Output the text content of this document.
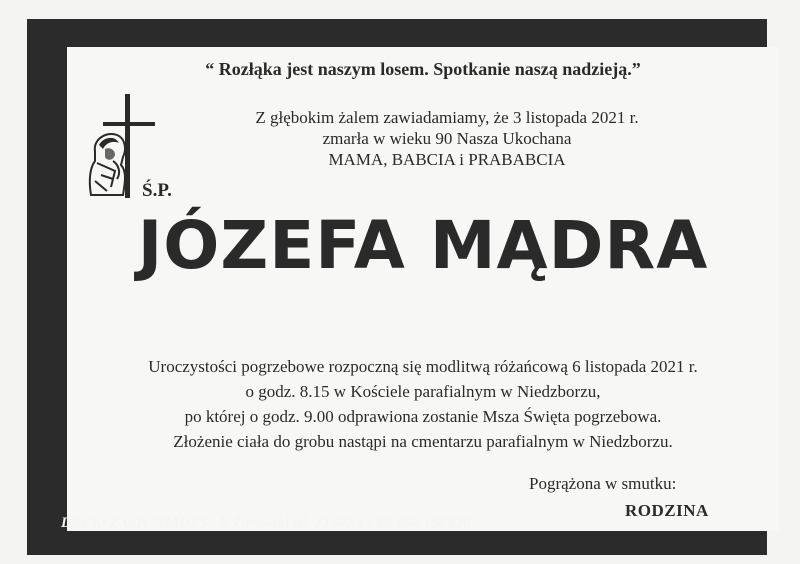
“ Rozłąka jest naszym losem. Spotkanie naszą nadzieją.”
Z głębokim żalem zawiadamiamy, że 3 listopada 2021 r.
zmarła w wieku 90 Nasza Ukochana
MAMA, BABCIA i PRABABCIA
Ś.P.
JÓZEFA MĄDRA
Uroczystości pogrzebowe rozpoczną się modlitwą różańcową 6 listopada 2021 r.
o godz. 8.15 w Kościele parafialnym w Niedzborzu,
po której o godz. 9.00 odprawiona zostanie Msza Święta pogrzebowa.
Złożenie ciała do grobu nastąpi na cmentarzu parafialnym w Niedzborzu.
Pogrążona w smutku:
RODZINA
DRUK: Z.U.P. "HADES" R.Żurawski tel. 23 672 14 88, 662 198 820
